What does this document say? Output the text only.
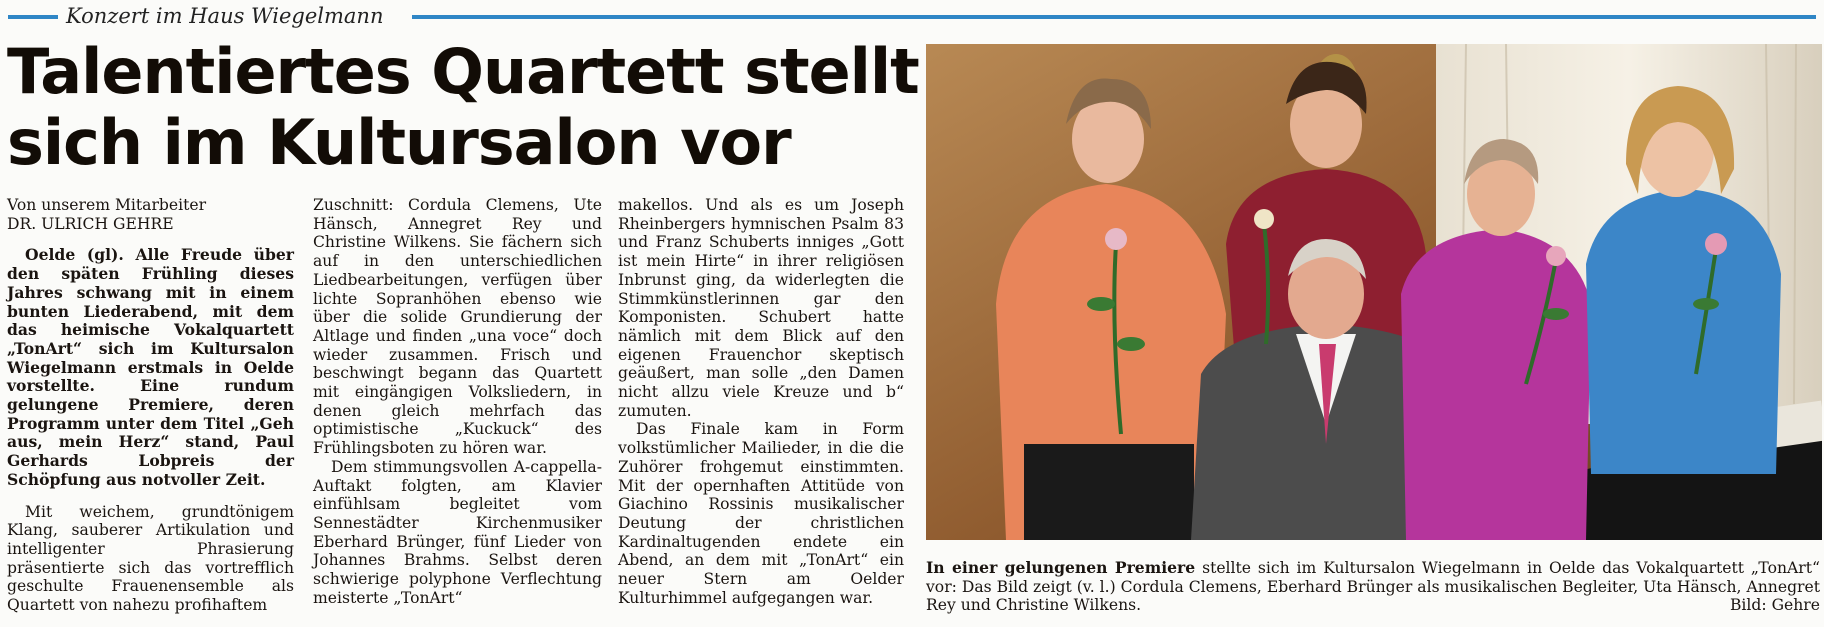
Konzert im Haus Wiegelmann
Talentiertes Quartett stellt
sich im Kultursalon vor
Von unserem Mitarbeiter
DR. ULRICH GEHRE

Oelde (gl). Alle Freude über den späten Frühling dieses Jahres schwang mit in einem bunten Liederabend, mit dem das heimische Vokalquartett „TonArt“ sich im Kultursalon Wiegelmann erstmals in Oelde vorstellte. Eine rundum gelungene Premiere, deren Programm unter dem Titel „Geh aus, mein Herz“ stand, Paul Gerhards Lobpreis der Schöpfung aus notvoller Zeit.

Mit weichem, grundtönigem Klang, sauberer Artikulation und intelligenter Phrasierung präsentierte sich das vortrefflich geschulte Frauenensemble als Quartett von nahezu profihaftem

Zuschnitt: Cordula Clemens, Ute Hänsch, Annegret Rey und Christine Wilkens. Sie fächern sich auf in den unterschiedlichen Liedbearbeitungen, verfügen über lichte Sopranhöhen ebenso wie über die solide Grundierung der Altlage und finden „una voce“ doch wieder zusammen. Frisch und beschwingt begann das Quartett mit eingängigen Volksliedern, in denen gleich mehrfach das optimistische „Kuckuck“ des Frühlingsboten zu hören war.

Dem stimmungsvollen A-cappella-Auftakt folgten, am Klavier einfühlsam begleitet vom Sennestädter Kirchenmusiker Eberhard Brünger, fünf Lieder von Johannes Brahms. Selbst deren schwierige polyphone Verflechtung meisterte „TonArt“

makellos. Und als es um Joseph Rheinbergers hymnischen Psalm 83 und Franz Schuberts inniges „Gott ist mein Hirte“ in ihrer religiösen Inbrunst ging, da widerlegten die Stimmkünstlerinnen gar den Komponisten. Schubert hatte nämlich mit dem Blick auf den eigenen Frauenchor skeptisch geäußert, man solle „den Damen nicht allzu viele Kreuze und b“ zumuten.

Das Finale kam in Form volkstümlicher Mailieder, in die die Zuhörer frohgemut einstimmten. Mit der opernhaften Attitüde von Giachino Rossinis musikalischer Deutung der christlichen Kardinaltugenden endete ein Abend, an dem mit „TonArt“ ein neuer Stern am Oelder Kulturhimmel aufgegangen war.

In einer gelungenen Premiere stellte sich im Kultursalon Wiegelmann in Oelde das Vokalquartett „TonArt“ vor: Das Bild zeigt (v. l.) Cordula Clemens, Eberhard Brünger als musikalischen Begleiter, Uta Hänsch, Annegret Rey und Christine Wilkens.	Bild: Gehre
